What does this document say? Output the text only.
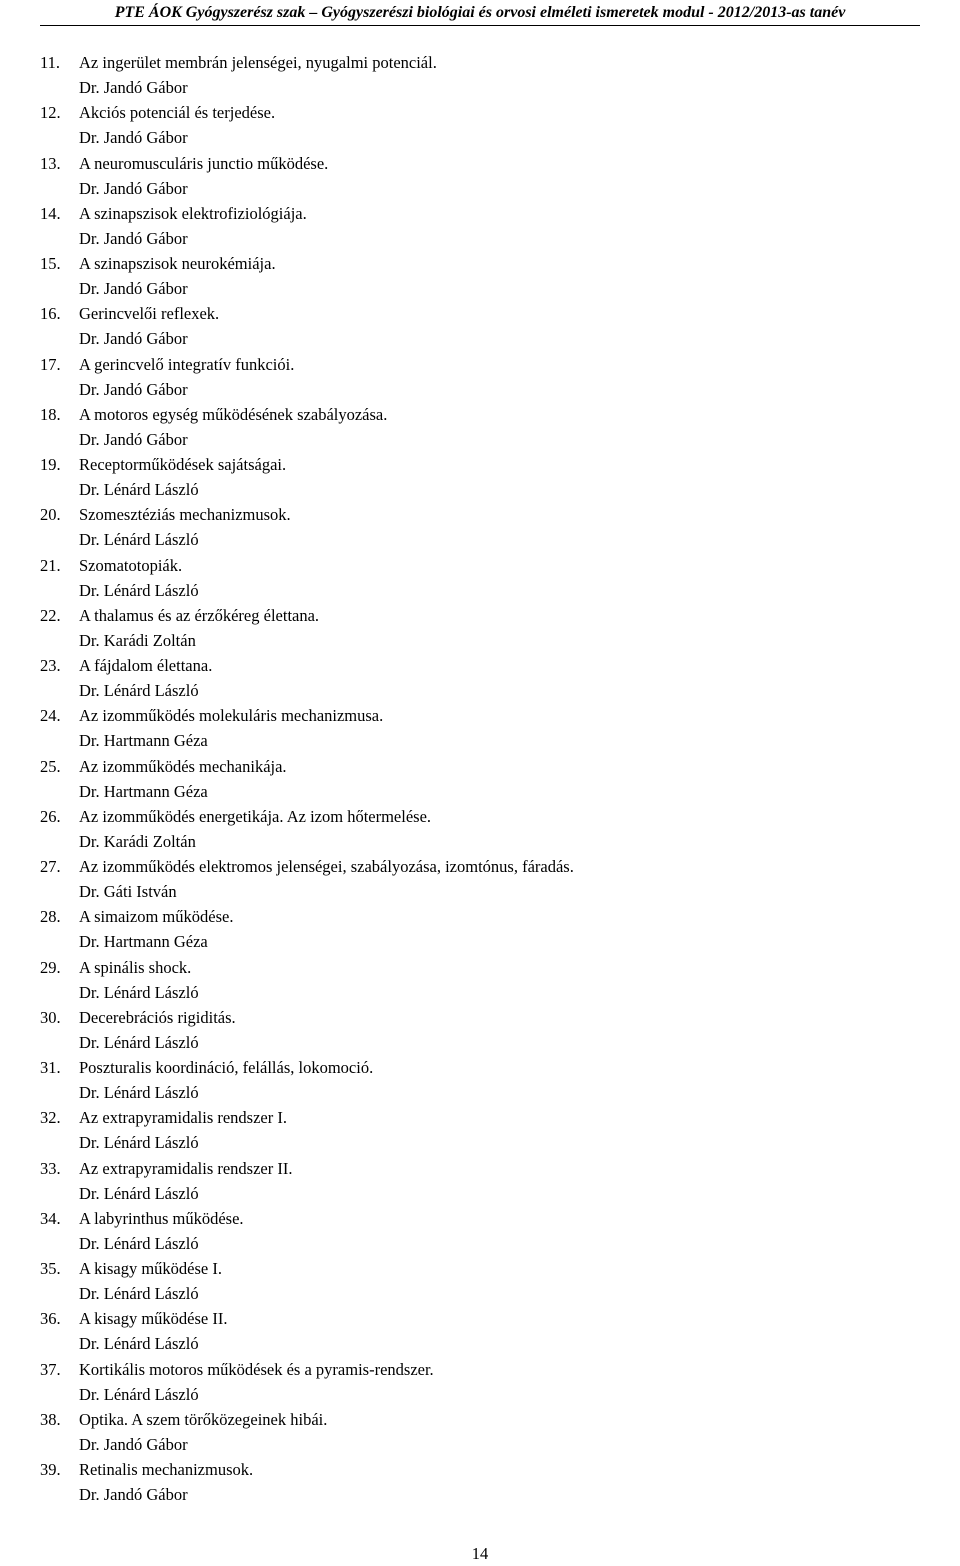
PTE ÁOK Gyógyszerész szak – Gyógyszerészi biológiai és orvosi elméleti ismeretek modul - 2012/2013-as tanév
11. Az ingerület membrán jelenségei, nyugalmi potenciál.
Dr. Jandó Gábor
12. Akciós potenciál és terjedése.
Dr. Jandó Gábor
13. A neuromusculáris junctio működése.
Dr. Jandó Gábor
14. A szinapszisok elektrofiziológiája.
Dr. Jandó Gábor
15. A szinapszisok neurokémiája.
Dr. Jandó Gábor
16. Gerincvelői reflexek.
Dr. Jandó Gábor
17. A gerincvelő integratív funkciói.
Dr. Jandó Gábor
18. A motoros egység működésének szabályozása.
Dr. Jandó Gábor
19. Receptorműködések sajátságai.
Dr. Lénárd László
20. Szomesztéziás mechanizmusok.
Dr. Lénárd László
21. Szomatotopiák.
Dr. Lénárd László
22. A thalamus és az érzőkéreg élettana.
Dr. Karádi Zoltán
23. A fájdalom élettana.
Dr. Lénárd László
24. Az izomműködés molekuláris mechanizmusa.
Dr. Hartmann Géza
25. Az izomműködés mechanikája.
Dr. Hartmann Géza
26. Az izomműködés energetikája. Az izom hőtermelése.
Dr. Karádi Zoltán
27. Az izomműködés elektromos jelenségei, szabályozása, izomtónus, fáradás.
Dr. Gáti István
28. A simaizom működése.
Dr. Hartmann Géza
29. A spinális shock.
Dr. Lénárd László
30. Decerebrációs rigiditás.
Dr. Lénárd László
31. Poszturalis koordináció, felállás, lokomoció.
Dr. Lénárd László
32. Az extrapyramidalis rendszer I.
Dr. Lénárd László
33. Az extrapyramidalis rendszer II.
Dr. Lénárd László
34. A labyrinthus működése.
Dr. Lénárd László
35. A kisagy működése I.
Dr. Lénárd László
36. A kisagy működése II.
Dr. Lénárd László
37. Kortikális motoros működések és a pyramis-rendszer.
Dr. Lénárd László
38. Optika. A szem törőközegeinek hibái.
Dr. Jandó Gábor
39. Retinalis mechanizmusok.
Dr. Jandó Gábor
14
